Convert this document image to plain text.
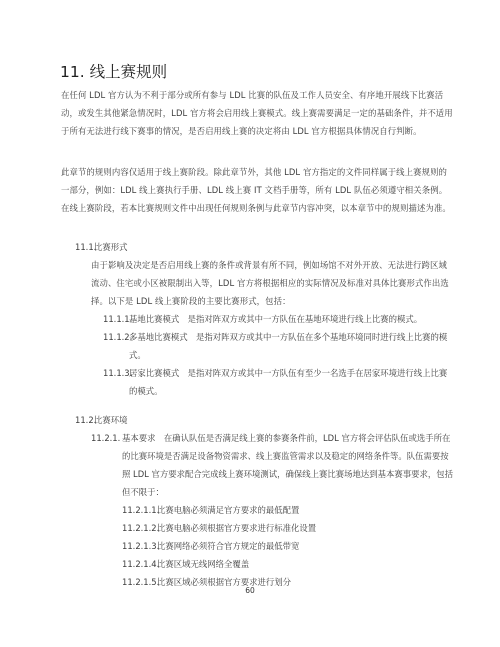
11. 线上赛规则

在任何 LDL 官方认为不利于部分或所有参与 LDL 比赛的队伍及工作人员安全、有序地开展线下比赛活动，或发生其他紧急情况时，LDL 官方将会启用线上赛模式。线上赛需要满足一定的基础条件，并不适用于所有无法进行线下赛事的情况，是否启用线上赛的决定将由 LDL 官方根据具体情况自行判断。

此章节的规则内容仅适用于线上赛阶段。除此章节外，其他 LDL 官方指定的文件同样属于线上赛规则的一部分，例如：LDL 线上赛执行手册、LDL 线上赛 IT 文档手册等，所有 LDL 队伍必须遵守相关条例。在线上赛阶段，若本比赛规则文件中出现任何规则条例与此章节内容冲突，以本章节中的规则描述为准。

11.1.
比赛形式

由于影响及决定是否启用线上赛的条件或背景有所不同，例如场馆不对外开放、无法进行跨区域流动、住宅或小区被限制出入等，LDL 官方将根据相应的实际情况及标准对具体比赛形式作出选择。以下是 LDL 线上赛阶段的主要比赛形式，包括：

11.1.1.
基地比赛模式　是指对阵双方或其中一方队伍在基地环境进行线上比赛的模式。
11.1.2.
多基地比赛模式　是指对阵双方或其中一方队伍在多个基地环境同时进行线上比赛的模式。
11.1.3.
居家比赛模式　是指对阵双方或其中一方队伍有至少一名选手在居家环境进行线上比赛的模式。
11.2.
比赛环境
11.2.1. 基本要求　在确认队伍是否满足线上赛的参赛条件前，LDL 官方将会评估队伍或选手所在的比赛环境是否满足设备物资需求、线上赛监管需求以及稳定的网络条件等。队伍需要按照 LDL 官方要求配合完成线上赛环境测试，确保线上赛比赛场地达到基本赛事要求，包括但不限于：
11.2.1.1.
比赛电脑必须满足官方要求的最低配置
11.2.1.2.
比赛电脑必须根据官方要求进行标准化设置
11.2.1.3.
比赛网络必须符合官方规定的最低带宽
11.2.1.4.
比赛区域无线网络全覆盖
11.2.1.5.
比赛区域必须根据官方要求进行划分

60
